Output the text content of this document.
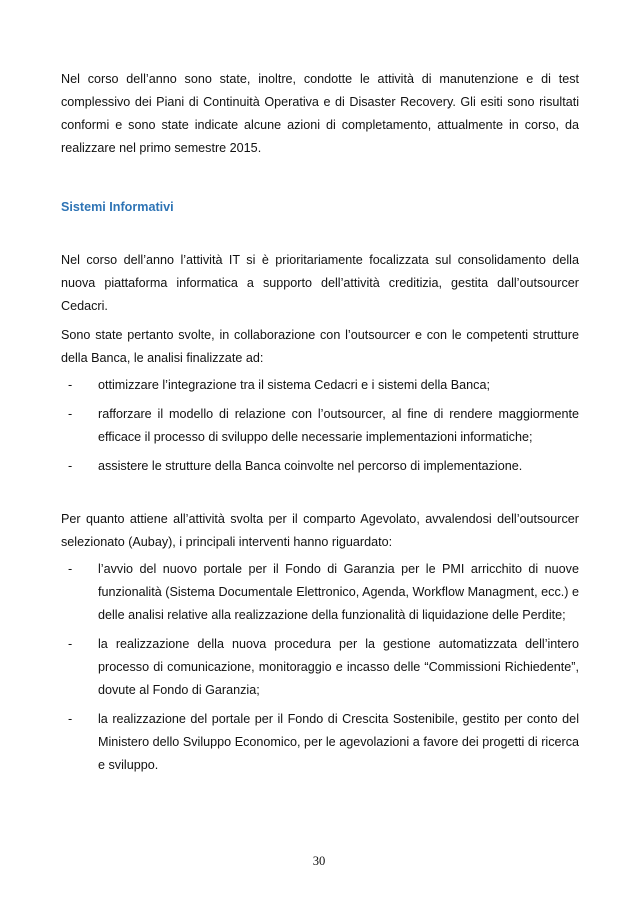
Nel corso dell’anno sono state, inoltre, condotte le attività di manutenzione e di test complessivo dei Piani di Continuità Operativa e di Disaster Recovery. Gli esiti sono risultati conformi e sono state indicate alcune azioni di completamento, attualmente in corso, da realizzare nel primo semestre 2015.

Sistemi Informativi

Nel corso dell’anno l’attività IT si è prioritariamente focalizzata sul consolidamento della nuova piattaforma informatica a supporto dell’attività creditizia, gestita dall’outsourcer Cedacri.

Sono state pertanto svolte, in collaborazione con l’outsourcer e con le competenti strutture della Banca, le analisi finalizzate ad:

- ottimizzare l’integrazione tra il sistema Cedacri e i sistemi della Banca;
- rafforzare il modello di relazione con l’outsourcer, al fine di rendere maggiormente efficace il processo di sviluppo delle necessarie implementazioni informatiche;
- assistere le strutture della Banca coinvolte nel percorso di implementazione.

Per quanto attiene all’attività svolta per il comparto Agevolato, avvalendosi dell’outsourcer selezionato (Aubay), i principali interventi hanno riguardato:

- l’avvio del nuovo portale per il Fondo di Garanzia per le PMI arricchito di nuove funzionalità (Sistema Documentale Elettronico, Agenda, Workflow Managment, ecc.) e delle analisi relative alla realizzazione della funzionalità di liquidazione delle Perdite;
- la realizzazione della nuova procedura per la gestione automatizzata dell’intero processo di comunicazione, monitoraggio e incasso delle “Commissioni Richiedente”, dovute al Fondo di Garanzia;
- la realizzazione del portale per il Fondo di Crescita Sostenibile, gestito per conto del Ministero dello Sviluppo Economico, per le agevolazioni a favore dei progetti di ricerca e sviluppo.
30
